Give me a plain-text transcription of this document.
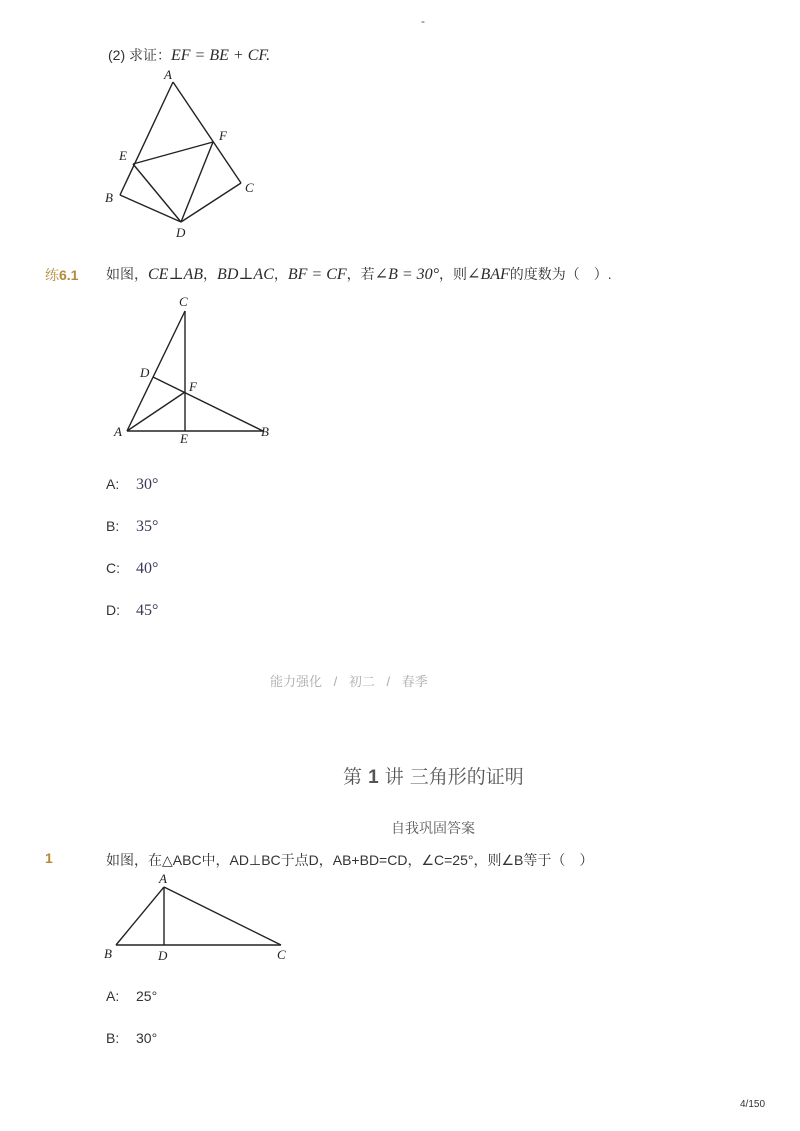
-
(2) 求证：EF = BE + CF.
A
E
F
B
C
D
练6.1 如图，CE⊥AB，BD⊥AC，BF = CF，若∠B = 30°，则∠BAF的度数为（　）.
C
D
F
A	E	B
A: 30°
B: 35°
C: 40°
D: 45°
能力强化 / 初二 / 春季
第 1 讲 三角形的证明
自我巩固答案
1	如图，在△ABC中，AD⊥BC于点D，AB+BD=CD，∠C=25°，则∠B等于（　）
A
B	D	C
A: 25°
B: 30°
4/150
